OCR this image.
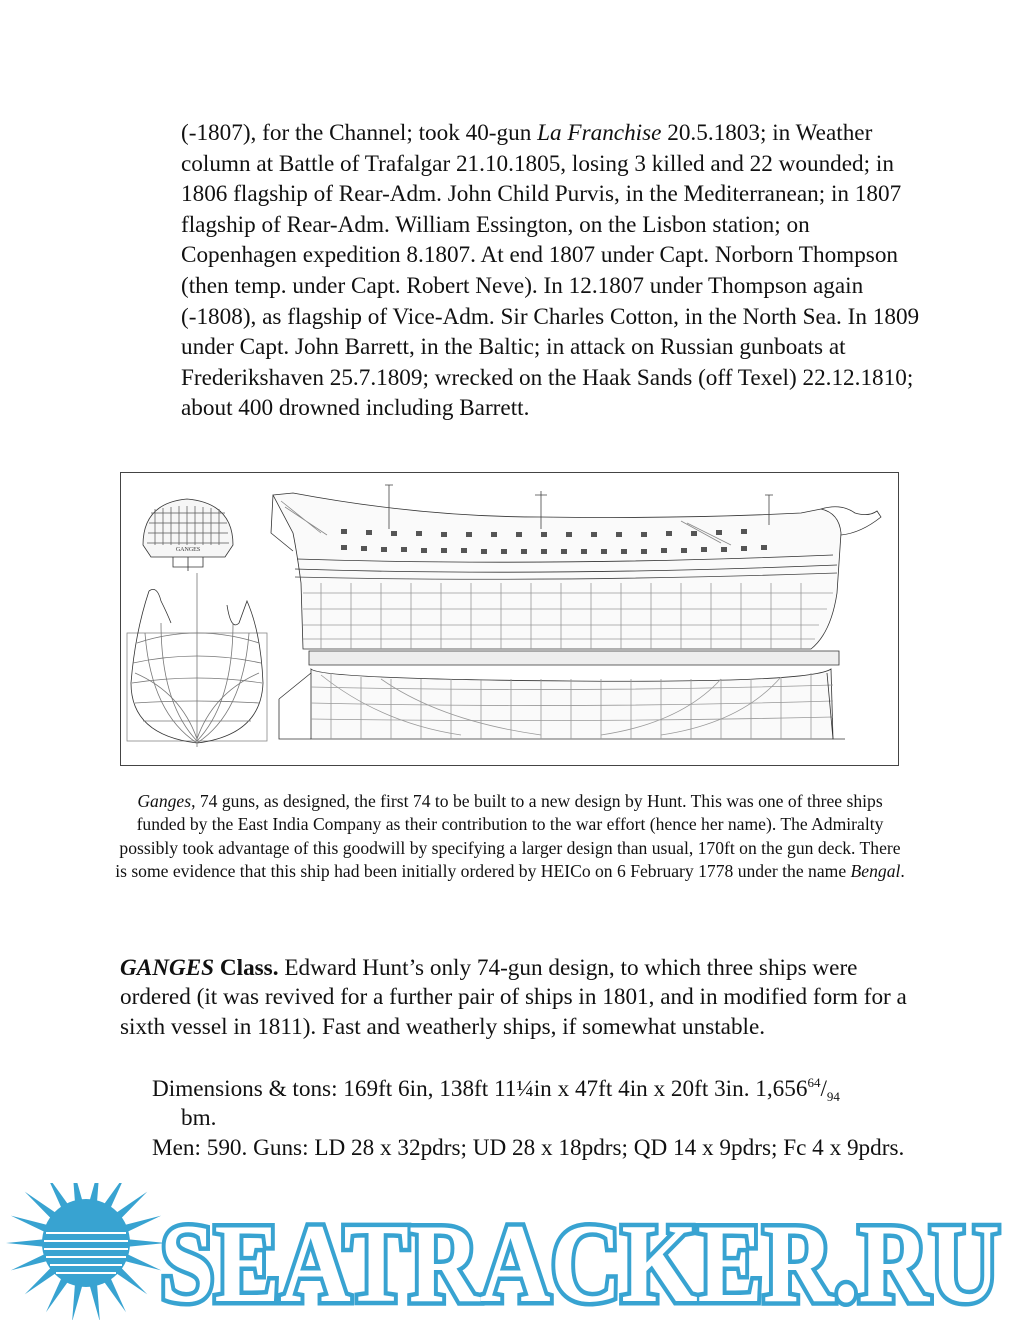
(-1807), for the Channel; took 40-gun La Franchise 20.5.1803; in Weather column at Battle of Trafalgar 21.10.1805, losing 3 killed and 22 wounded; in 1806 flagship of Rear-Adm. John Child Purvis, in the Mediterranean; in 1807 flagship of Rear-Adm. William Essington, on the Lisbon station; on Copenhagen expedition 8.1807. At end 1807 under Capt. Norborn Thompson (then temp. under Capt. Robert Neve). In 12.1807 under Thompson again (-1808), as flagship of Vice-Adm. Sir Charles Cotton, in the North Sea. In 1809 under Capt. John Barrett, in the Baltic; in attack on Russian gunboats at Frederikshaven 25.7.1809; wrecked on the Haak Sands (off Texel) 22.12.1810; about 400 drowned including Barrett.

GANGES

Ganges, 74 guns, as designed, the first 74 to be built to a new design by Hunt. This was one of three ships funded by the East India Company as their contribution to the war effort (hence her name). The Admiralty possibly took advantage of this goodwill by specifying a larger design than usual, 170ft on the gun deck. There is some evidence that this ship had been initially ordered by HEICo on 6 February 1778 under the name Bengal.

GANGES Class. Edward Hunt’s only 74-gun design, to which three ships were ordered (it was revived for a further pair of ships in 1801, and in modified form for a sixth vessel in 1811). Fast and weatherly ships, if somewhat unstable.

Dimensions & tons: 169ft 6in, 138ft 11¼in x 47ft 4in x 20ft 3in. $1,656^{64}/_{94}$
bm.

Men: 590. Guns: LD 28 x 32pdrs; UD 28 x 18pdrs; QD 14 x 9pdrs; Fc 4 x 9pdrs.

SEATRACKER.RU
